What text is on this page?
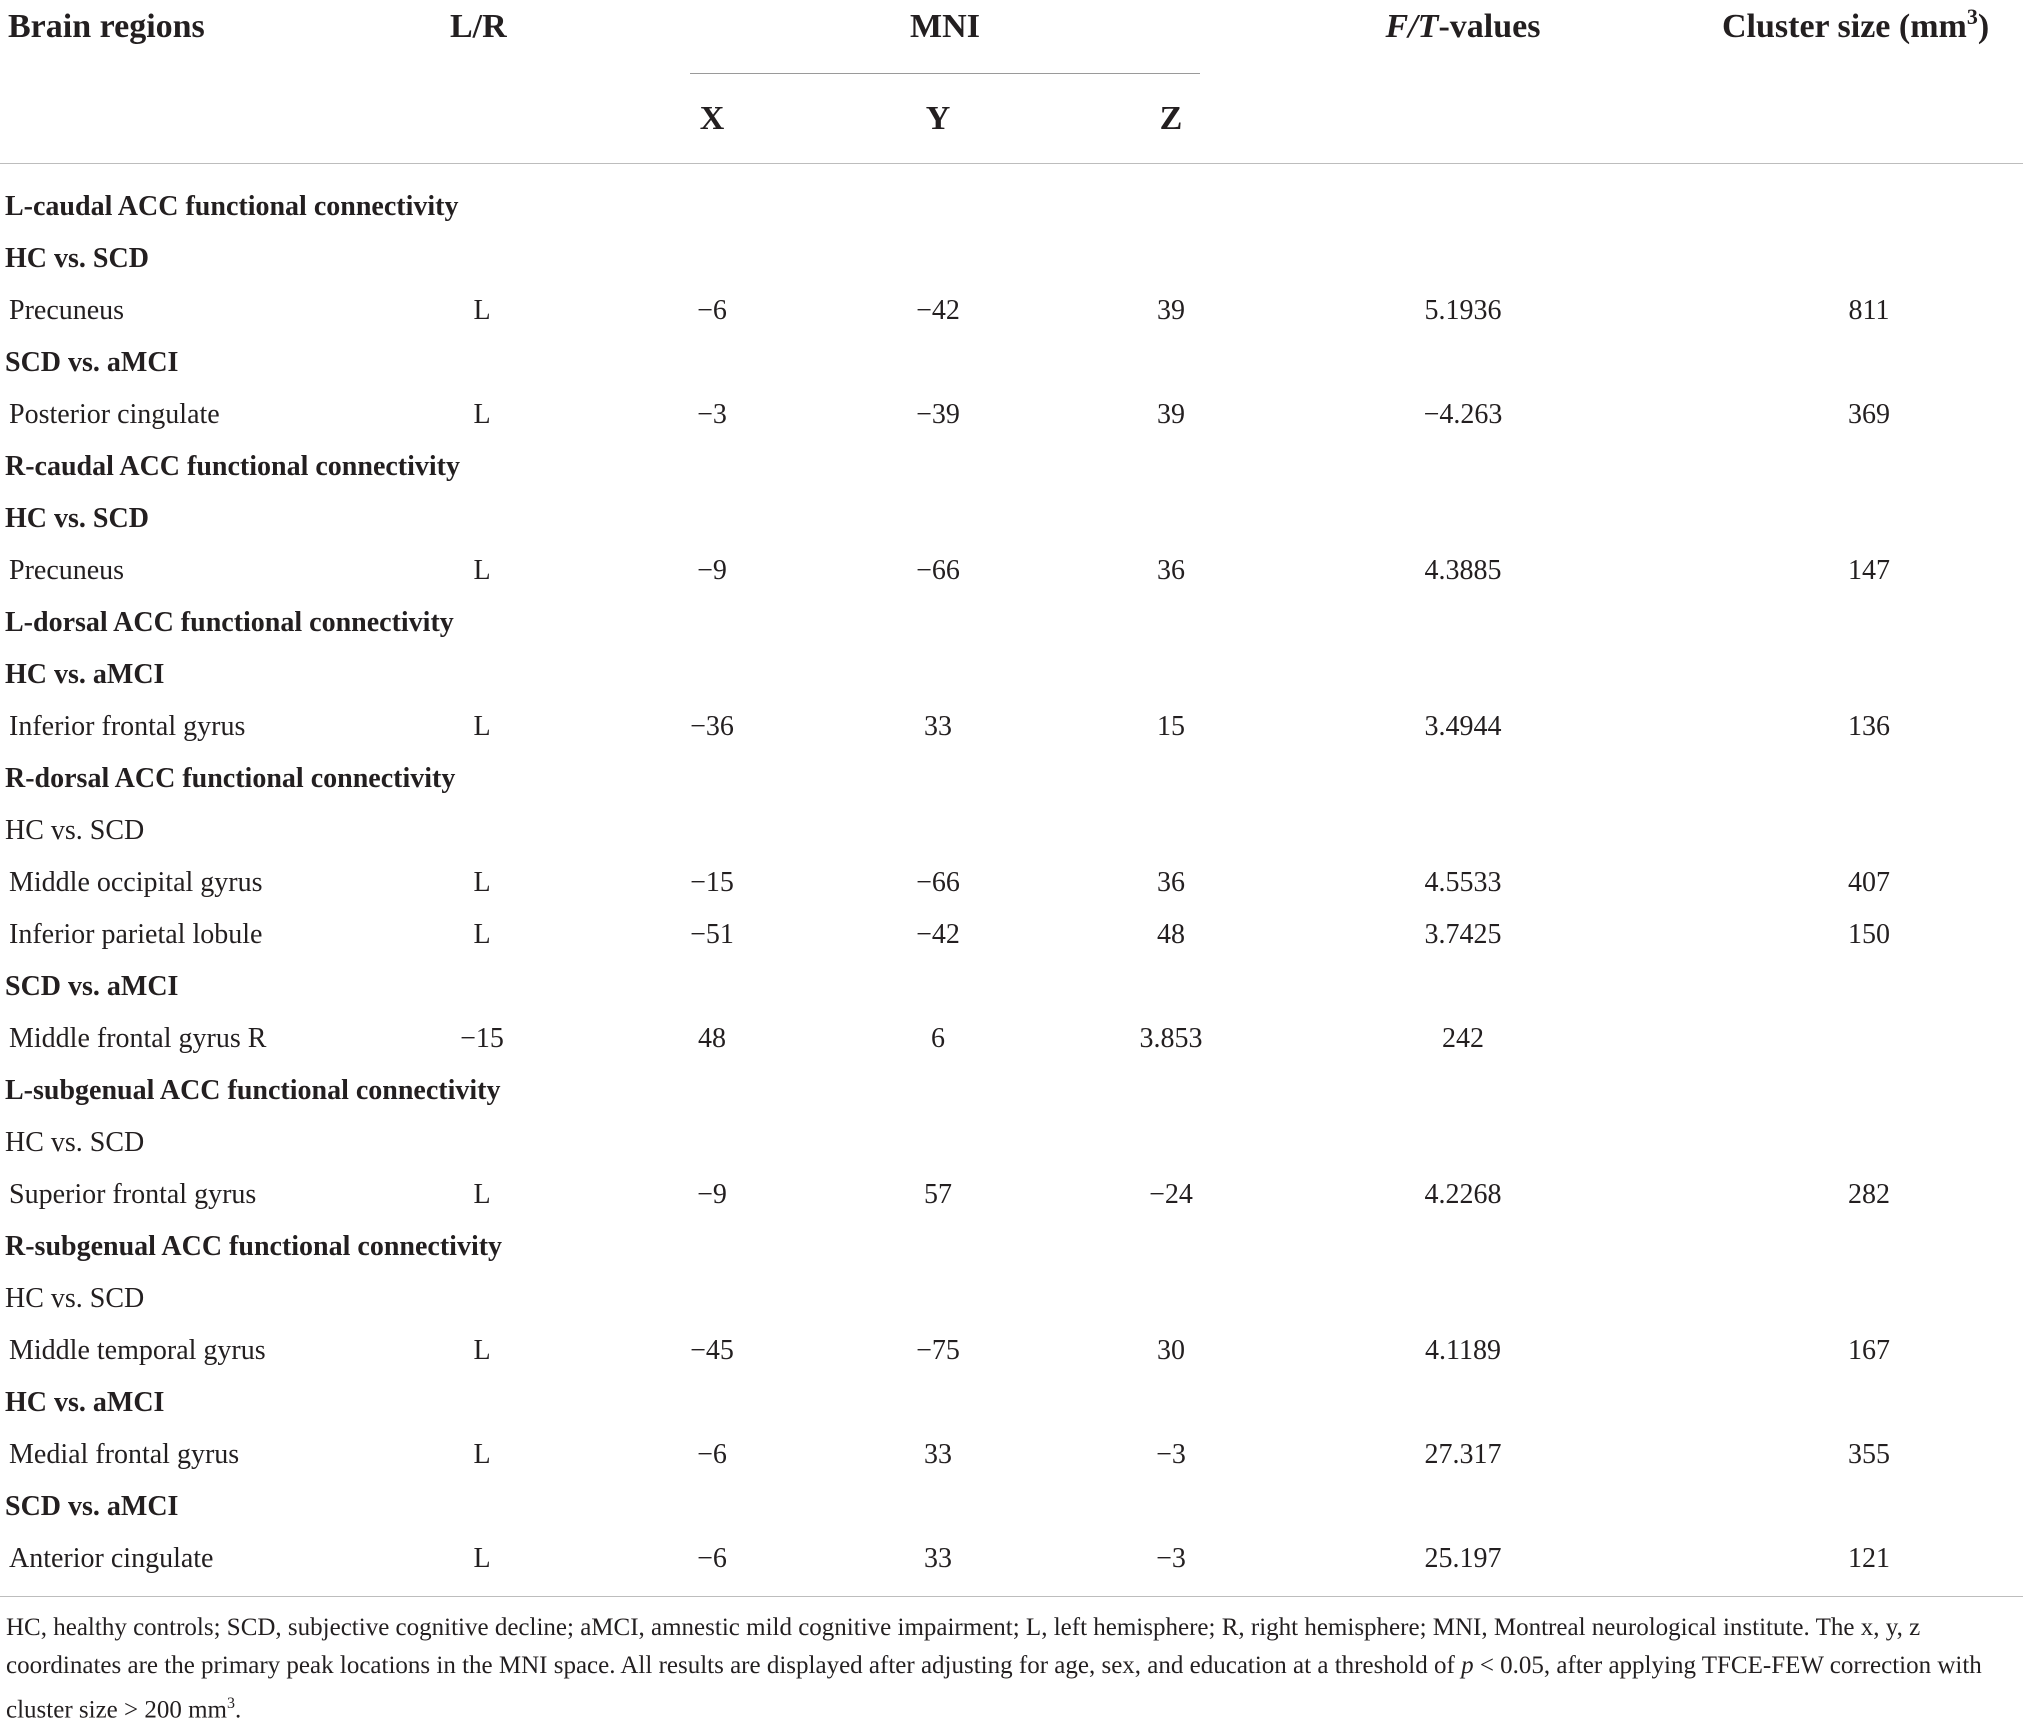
Brain regions	L/R	MNI
X	Y	Z
F/T-values	Cluster size $(mm^3)$
L-caudal ACC functional connectivity
HC vs. SCD
Precuneus	L	−6	−42	39	5.1936	811
SCD vs. aMCI
Posterior cingulate	L	−3	−39	39	−4.263	369
R-caudal ACC functional connectivity
HC vs. SCD
Precuneus	L	−9	−66	36	4.3885	147
L-dorsal ACC functional connectivity
HC vs. aMCI
Inferior frontal gyrus	L	−36	33	15	3.4944	136
R-dorsal ACC functional connectivity
HC vs. SCD
Middle occipital gyrus	L	−15	−66	36	4.5533	407
Inferior parietal lobule	L	−51	−42	48	3.7425	150
SCD vs. aMCI
Middle frontal gyrus R	−15	48	6	3.853	242
L-subgenual ACC functional connectivity
HC vs. SCD
Superior frontal gyrus	L	−9	57	−24	4.2268	282
R-subgenual ACC functional connectivity
HC vs. SCD
Middle temporal gyrus	L	−45	−75	30	4.1189	167
HC vs. aMCI
Medial frontal gyrus	L	−6	33	−3	27.317	355
SCD vs. aMCI
Anterior cingulate	L	−6	33	−3	25.197	121
HC, healthy controls; SCD, subjective cognitive decline; aMCI, amnestic mild cognitive impairment; L, left hemisphere; R, right hemisphere; MNI, Montreal neurological institute. The x, y, z coordinates are the primary peak locations in the MNI space. All results are displayed after adjusting for age, sex, and education at a threshold of p < 0.05, after applying TFCE-FEW correction with cluster size > 200 $mm^3$.
